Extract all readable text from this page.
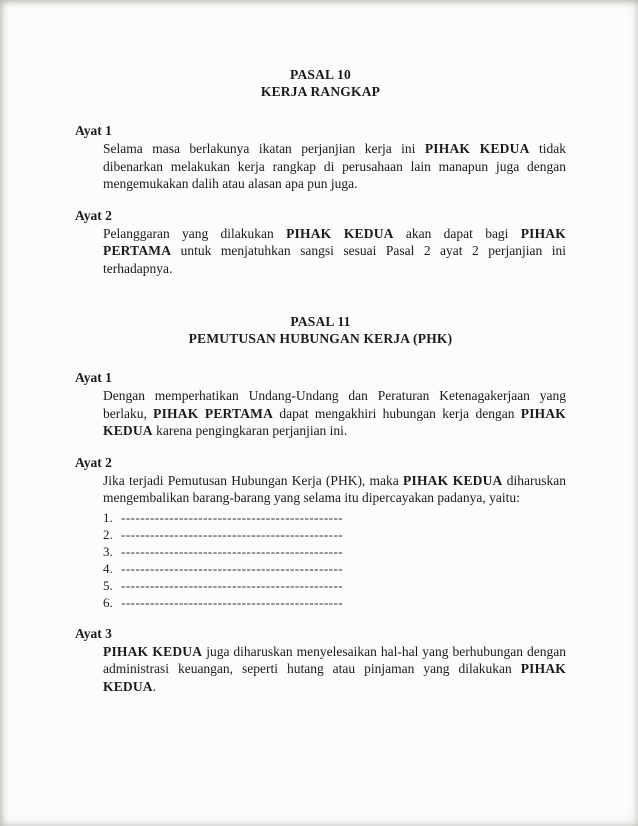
PASAL 10
KERJA RANGKAP
Ayat 1

Selama masa berlakunya ikatan perjanjian kerja ini PIHAK KEDUA tidak dibenarkan melakukan kerja rangkap di perusahaan lain manapun juga dengan mengemukakan dalih atau alasan apa pun juga.

Ayat 2

Pelanggaran yang dilakukan PIHAK KEDUA akan dapat bagi PIHAK PERTAMA untuk menjatuhkan sangsi sesuai Pasal 2 ayat 2 perjanjian ini terhadapnya.

PASAL 11
PEMUTUSAN HUBUNGAN KERJA (PHK)
Ayat 1

Dengan memperhatikan Undang-Undang dan Peraturan Ketenagakerjaan yang berlaku, PIHAK PERTAMA dapat mengakhiri hubungan kerja dengan PIHAK KEDUA karena pengingkaran perjanjian ini.

Ayat 2

Jika terjadi Pemutusan Hubungan Kerja (PHK), maka PIHAK KEDUA diharuskan mengembalikan barang-barang yang selama itu dipercayakan padanya, yaitu:

1. ----------------------------------------------
2. ----------------------------------------------
3. ----------------------------------------------
4. ----------------------------------------------
5. ----------------------------------------------
6. ----------------------------------------------
Ayat 3

PIHAK KEDUA juga diharuskan menyelesaikan hal-hal yang berhubungan dengan administrasi keuangan, seperti hutang atau pinjaman yang dilakukan PIHAK KEDUA.
